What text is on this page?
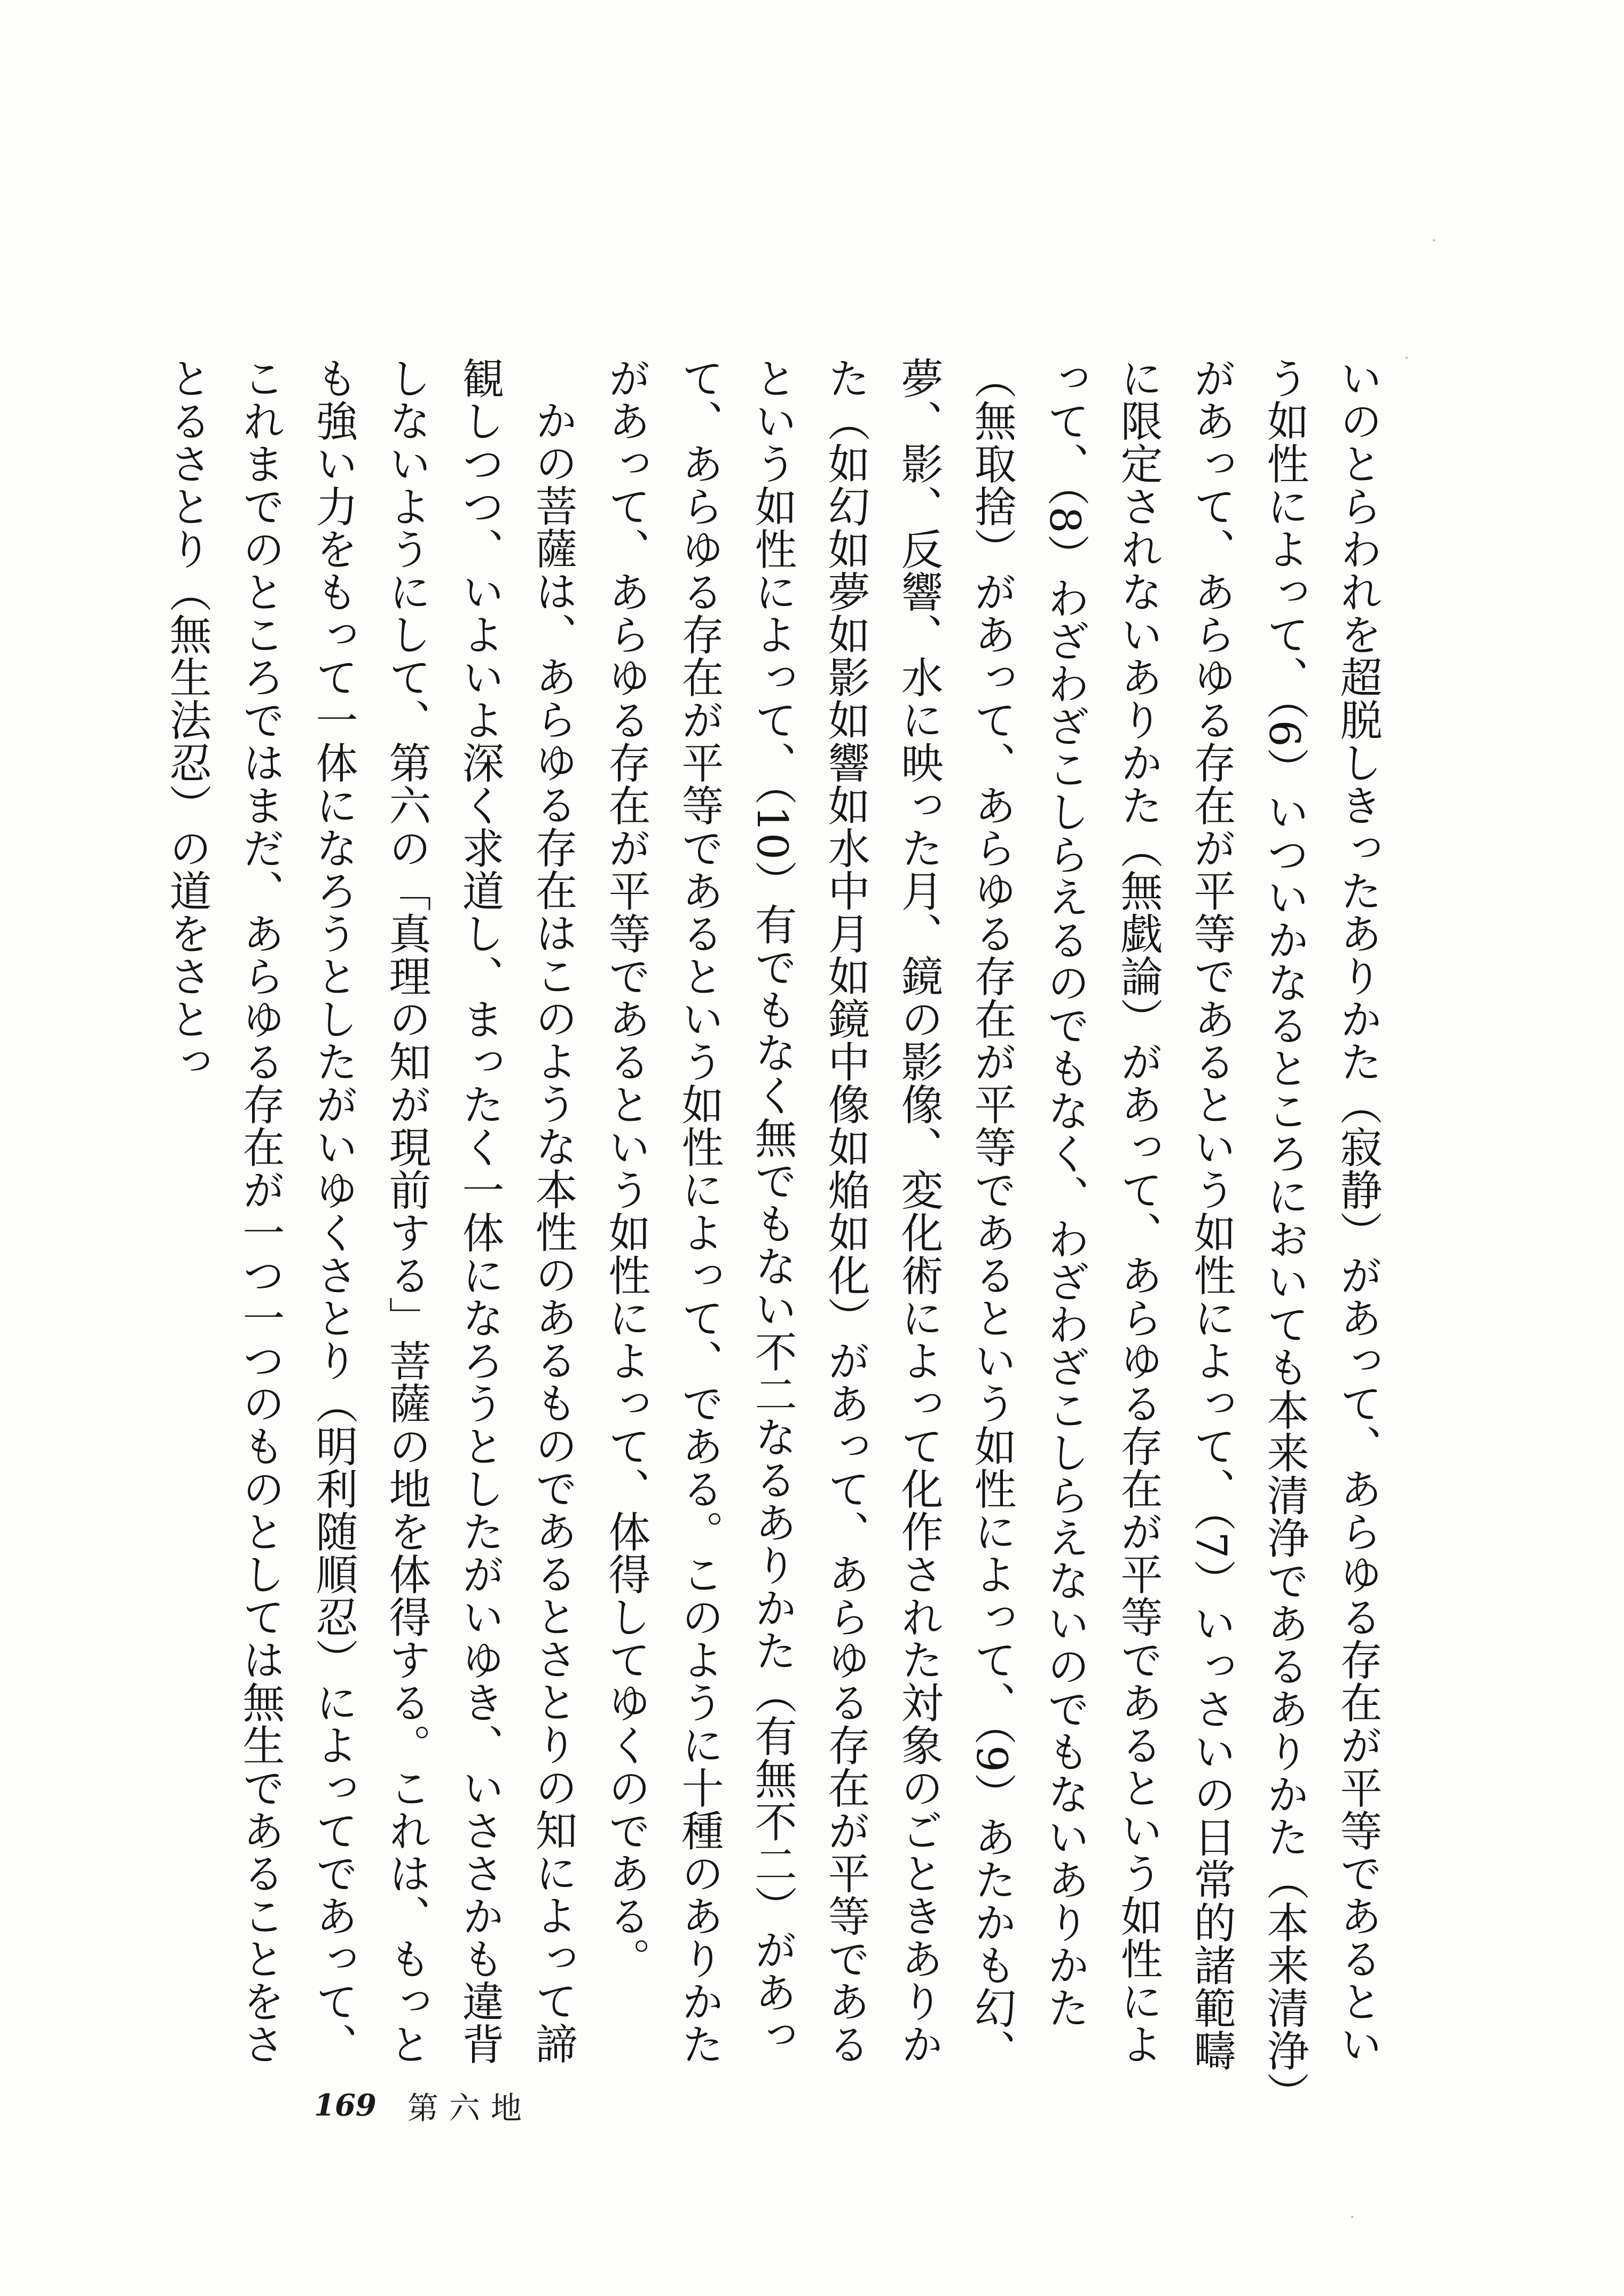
いのとらわれを超脱しきったありかた（寂静）があって、あらゆる存在が平等であるという如性によって、（6）いついかなるところにおいても本来清浄であるありかた（本来清浄）があって、あらゆる存在が平等であるという如性によって、（7）いっさいの日常的諸範疇に限定されないありかた（無戯論）があって、あらゆる存在が平等であるという如性によって、（8）わざわざこしらえるのでもなく、わざわざこしらえないのでもないありかた（無取捨）があって、あらゆる存在が平等であるという如性によって、（9）あたかも幻、夢、影、反響、水に映った月、鏡の影像、変化術によって化作された対象のごときありかた（如幻如夢如影如響如水中月如鏡中像如焔如化）があって、あらゆる存在が平等であるという如性によって、（10）有でもなく無でもない不二なるありかた（有無不二）があって、あらゆる存在が平等であるという如性によって、である。このように十種のありかたがあって、あらゆる存在が平等であるという如性によって、体得してゆくのである。

かの菩薩は、あらゆる存在はこのような本性のあるものであるとさとりの知によって諦観しつつ、いよいよ深く求道し、まったく一体になろうとしたがいゆき、いささかも違背しないようにして、第六の「真理の知が現前する」菩薩の地を体得する。これは、もっとも強い力をもって一体になろうとしたがいゆくさとり（明利随順忍）によってであって、これまでのところではまだ、あらゆる存在が一つ一つのものとしては無生であることをさとるさとり（無生法忍）の道をさとっ

169 第六地
